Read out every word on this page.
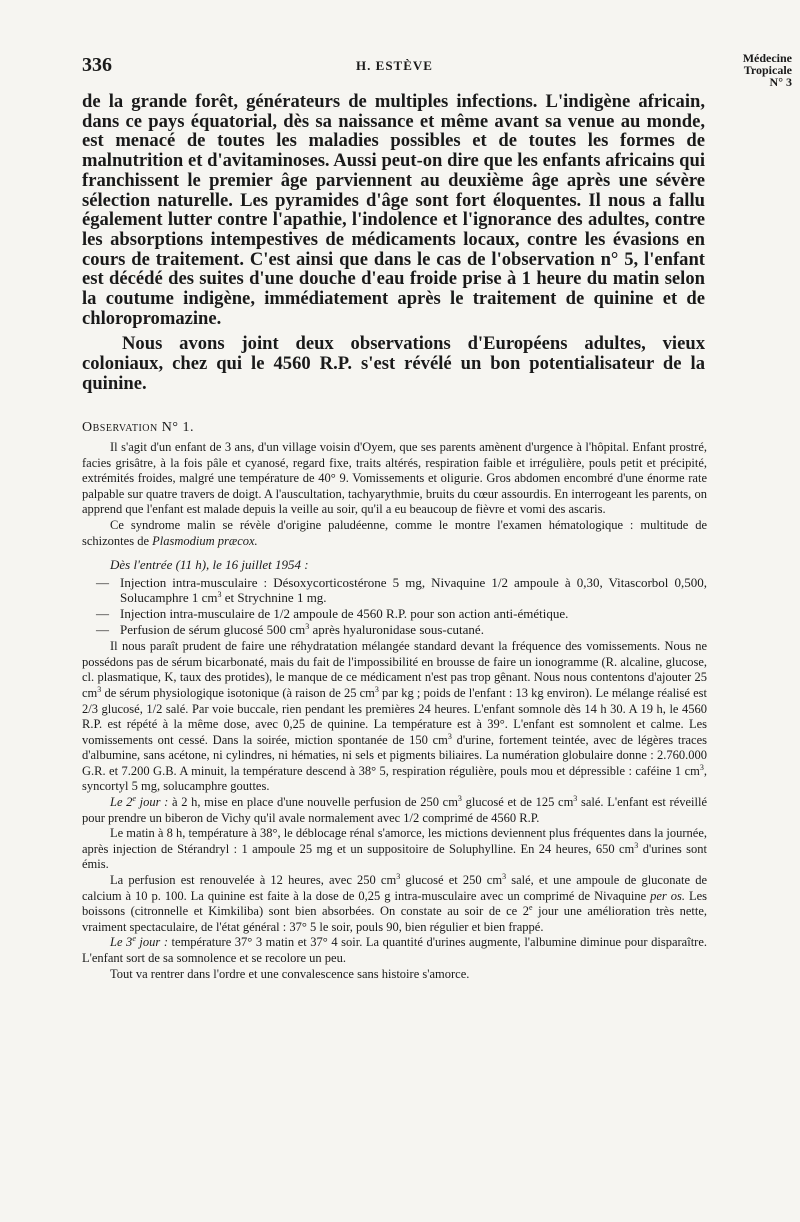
336	H. ESTÈVE	Médecine
Tropicale
N° 3

de la grande forêt, générateurs de multiples infections. L'indigène africain, dans ce pays équatorial, dès sa naissance et même avant sa venue au monde, est menacé de toutes les maladies possibles et de toutes les formes de malnutrition et d'avitaminoses. Aussi peut-on dire que les enfants africains qui franchissent le premier âge parviennent au deuxième âge après une sévère sélection naturelle. Les pyramides d'âge sont fort éloquentes. Il nous a fallu également lutter contre l'apathie, l'indolence et l'ignorance des adultes, contre les absorptions intempestives de médicaments locaux, contre les évasions en cours de traitement. C'est ainsi que dans le cas de l'observation n° 5, l'enfant est décédé des suites d'une douche d'eau froide prise à 1 heure du matin selon la coutume indigène, immédiatement après le traitement de quinine et de chloropromazine.

Nous avons joint deux observations d'Européens adultes, vieux coloniaux, chez qui le 4560 R.P. s'est révélé un bon potentialisateur de la quinine.

Observation N° 1.

Il s'agit d'un enfant de 3 ans, d'un village voisin d'Oyem, que ses parents amènent d'urgence à l'hôpital. Enfant prostré, facies grisâtre, à la fois pâle et cyanosé, regard fixe, traits altérés, respiration faible et irrégulière, pouls petit et précipité, extrémités froides, malgré une température de 40° 9. Vomissements et oligurie. Gros abdomen encombré d'une énorme rate palpable sur quatre travers de doigt. A l'auscultation, tachyarythmie, bruits du cœur assourdis. En interrogeant les parents, on apprend que l'enfant est malade depuis la veille au soir, qu'il a eu beaucoup de fièvre et vomi des ascaris.

Ce syndrome malin se révèle d'origine paludéenne, comme le montre l'examen hématologique : multitude de schizontes de Plasmodium præcox.

Dès l'entrée (11 h), le 16 juillet 1954 :

— Injection intra-musculaire : Désoxycorticostérone 5 mg, Nivaquine 1/2 ampoule à 0,30, Vitascorbol 0,500, Solucamphre 1 $cm^3$ et Strychnine 1 mg.
— Injection intra-musculaire de 1/2 ampoule de 4560 R.P. pour son action anti-émétique.
— Perfusion de sérum glucosé 500 $cm^3$ après hyaluronidase sous-cutané.

Il nous paraît prudent de faire une réhydratation mélangée standard devant la fréquence des vomissements. Nous ne possédons pas de sérum bicarbonaté, mais du fait de l'impossibilité en brousse de faire un ionogramme (R. alcaline, glucose, cl. plasmatique, K, taux des protides), le manque de ce médicament n'est pas trop gênant. Nous nous contentons d'ajouter 25 $cm^3$ de sérum physiologique isotonique (à raison de 25 $cm^3$ par kg ; poids de l'enfant : 13 kg environ). Le mélange réalisé est 2/3 glucosé, 1/2 salé. Par voie buccale, rien pendant les premières 24 heures. L'enfant somnole dès 14 h 30. A 19 h, le 4560 R.P. est répété à la même dose, avec 0,25 de quinine. La température est à 39°. L'enfant est somnolent et calme. Les vomissements ont cessé. Dans la soirée, miction spontanée de 150 $cm^3$ d'urine, fortement teintée, avec de légères traces d'albumine, sans acétone, ni cylindres, ni hématies, ni sels et pigments biliaires. La numération globulaire donne : 2.760.000 G.R. et 7.200 G.B. A minuit, la température descend à 38° 5, respiration régulière, pouls mou et dépressible : caféine 1 $cm^3$, syncortyl 5 mg, solucamphre gouttes.

Le 2e jour : à 2 h, mise en place d'une nouvelle perfusion de 250 $cm^3$ glucosé et de 125 $cm^3$ salé. L'enfant est réveillé pour prendre un biberon de Vichy qu'il avale normalement avec 1/2 comprimé de 4560 R.P.

Le matin à 8 h, température à 38°, le déblocage rénal s'amorce, les mictions deviennent plus fréquentes dans la journée, après injection de Stérandryl : 1 ampoule 25 mg et un suppositoire de Soluphylline. En 24 heures, 650 $cm^3$ d'urines sont émis.

La perfusion est renouvelée à 12 heures, avec 250 $cm^3$ glucosé et 250 $cm^3$ salé, et une ampoule de gluconate de calcium à 10 p. 100. La quinine est faite à la dose de 0,25 g intra-musculaire avec un comprimé de Nivaquine per os. Les boissons (citronnelle et Kimkiliba) sont bien absorbées. On constate au soir de ce 2e jour une amélioration très nette, vraiment spectaculaire, de l'état général : 37° 5 le soir, pouls 90, bien régulier et bien frappé.

Le 3e jour : température 37° 3 matin et 37° 4 soir. La quantité d'urines augmente, l'albumine diminue pour disparaître. L'enfant sort de sa somnolence et se recolore un peu.

Tout va rentrer dans l'ordre et une convalescence sans histoire s'amorce.
